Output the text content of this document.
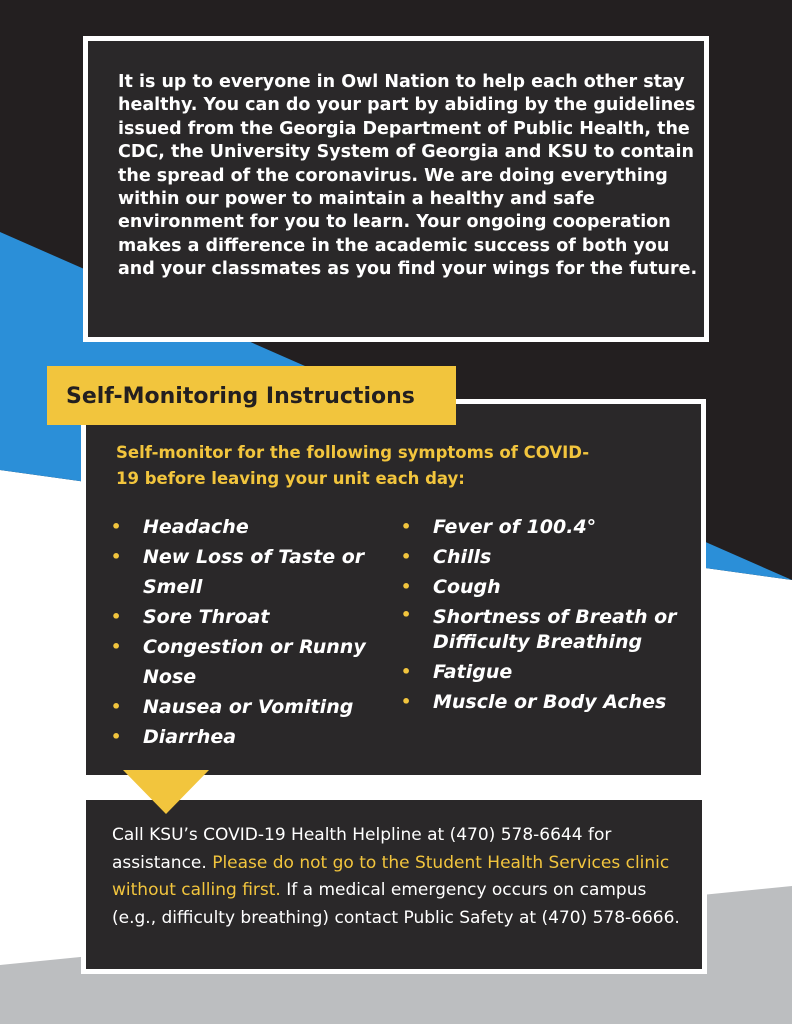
It is up to everyone in Owl Nation to help each other stay healthy. You can do your part by abiding by the guidelines issued from the Georgia Department of Public Health, the CDC, the University System of Georgia and KSU to contain the spread of the coronavirus. We are doing everything within our power to maintain a healthy and safe environment for you to learn. Your ongoing cooperation makes a difference in the academic success of both you and your classmates as you find your wings for the future.

Self-monitor for the following symptoms of COVID-19 before leaving your unit each day:

• Headache
• New Loss of Taste or Smell
• Sore Throat
• Congestion or Runny Nose
• Nausea or Vomiting
• Diarrhea
• Fever of 100.4°
• Chills
• Cough
• Shortness of Breath or Difficulty Breathing
• Fatigue
• Muscle or Body Aches
Self-Monitoring Instructions

Call KSU’s COVID-19 Health Helpline at (470) 578-6644 for assistance. Please do not go to the Student Health Services clinic without calling first. If a medical emergency occurs on campus (e.g., difficulty breathing) contact Public Safety at (470) 578-6666.
